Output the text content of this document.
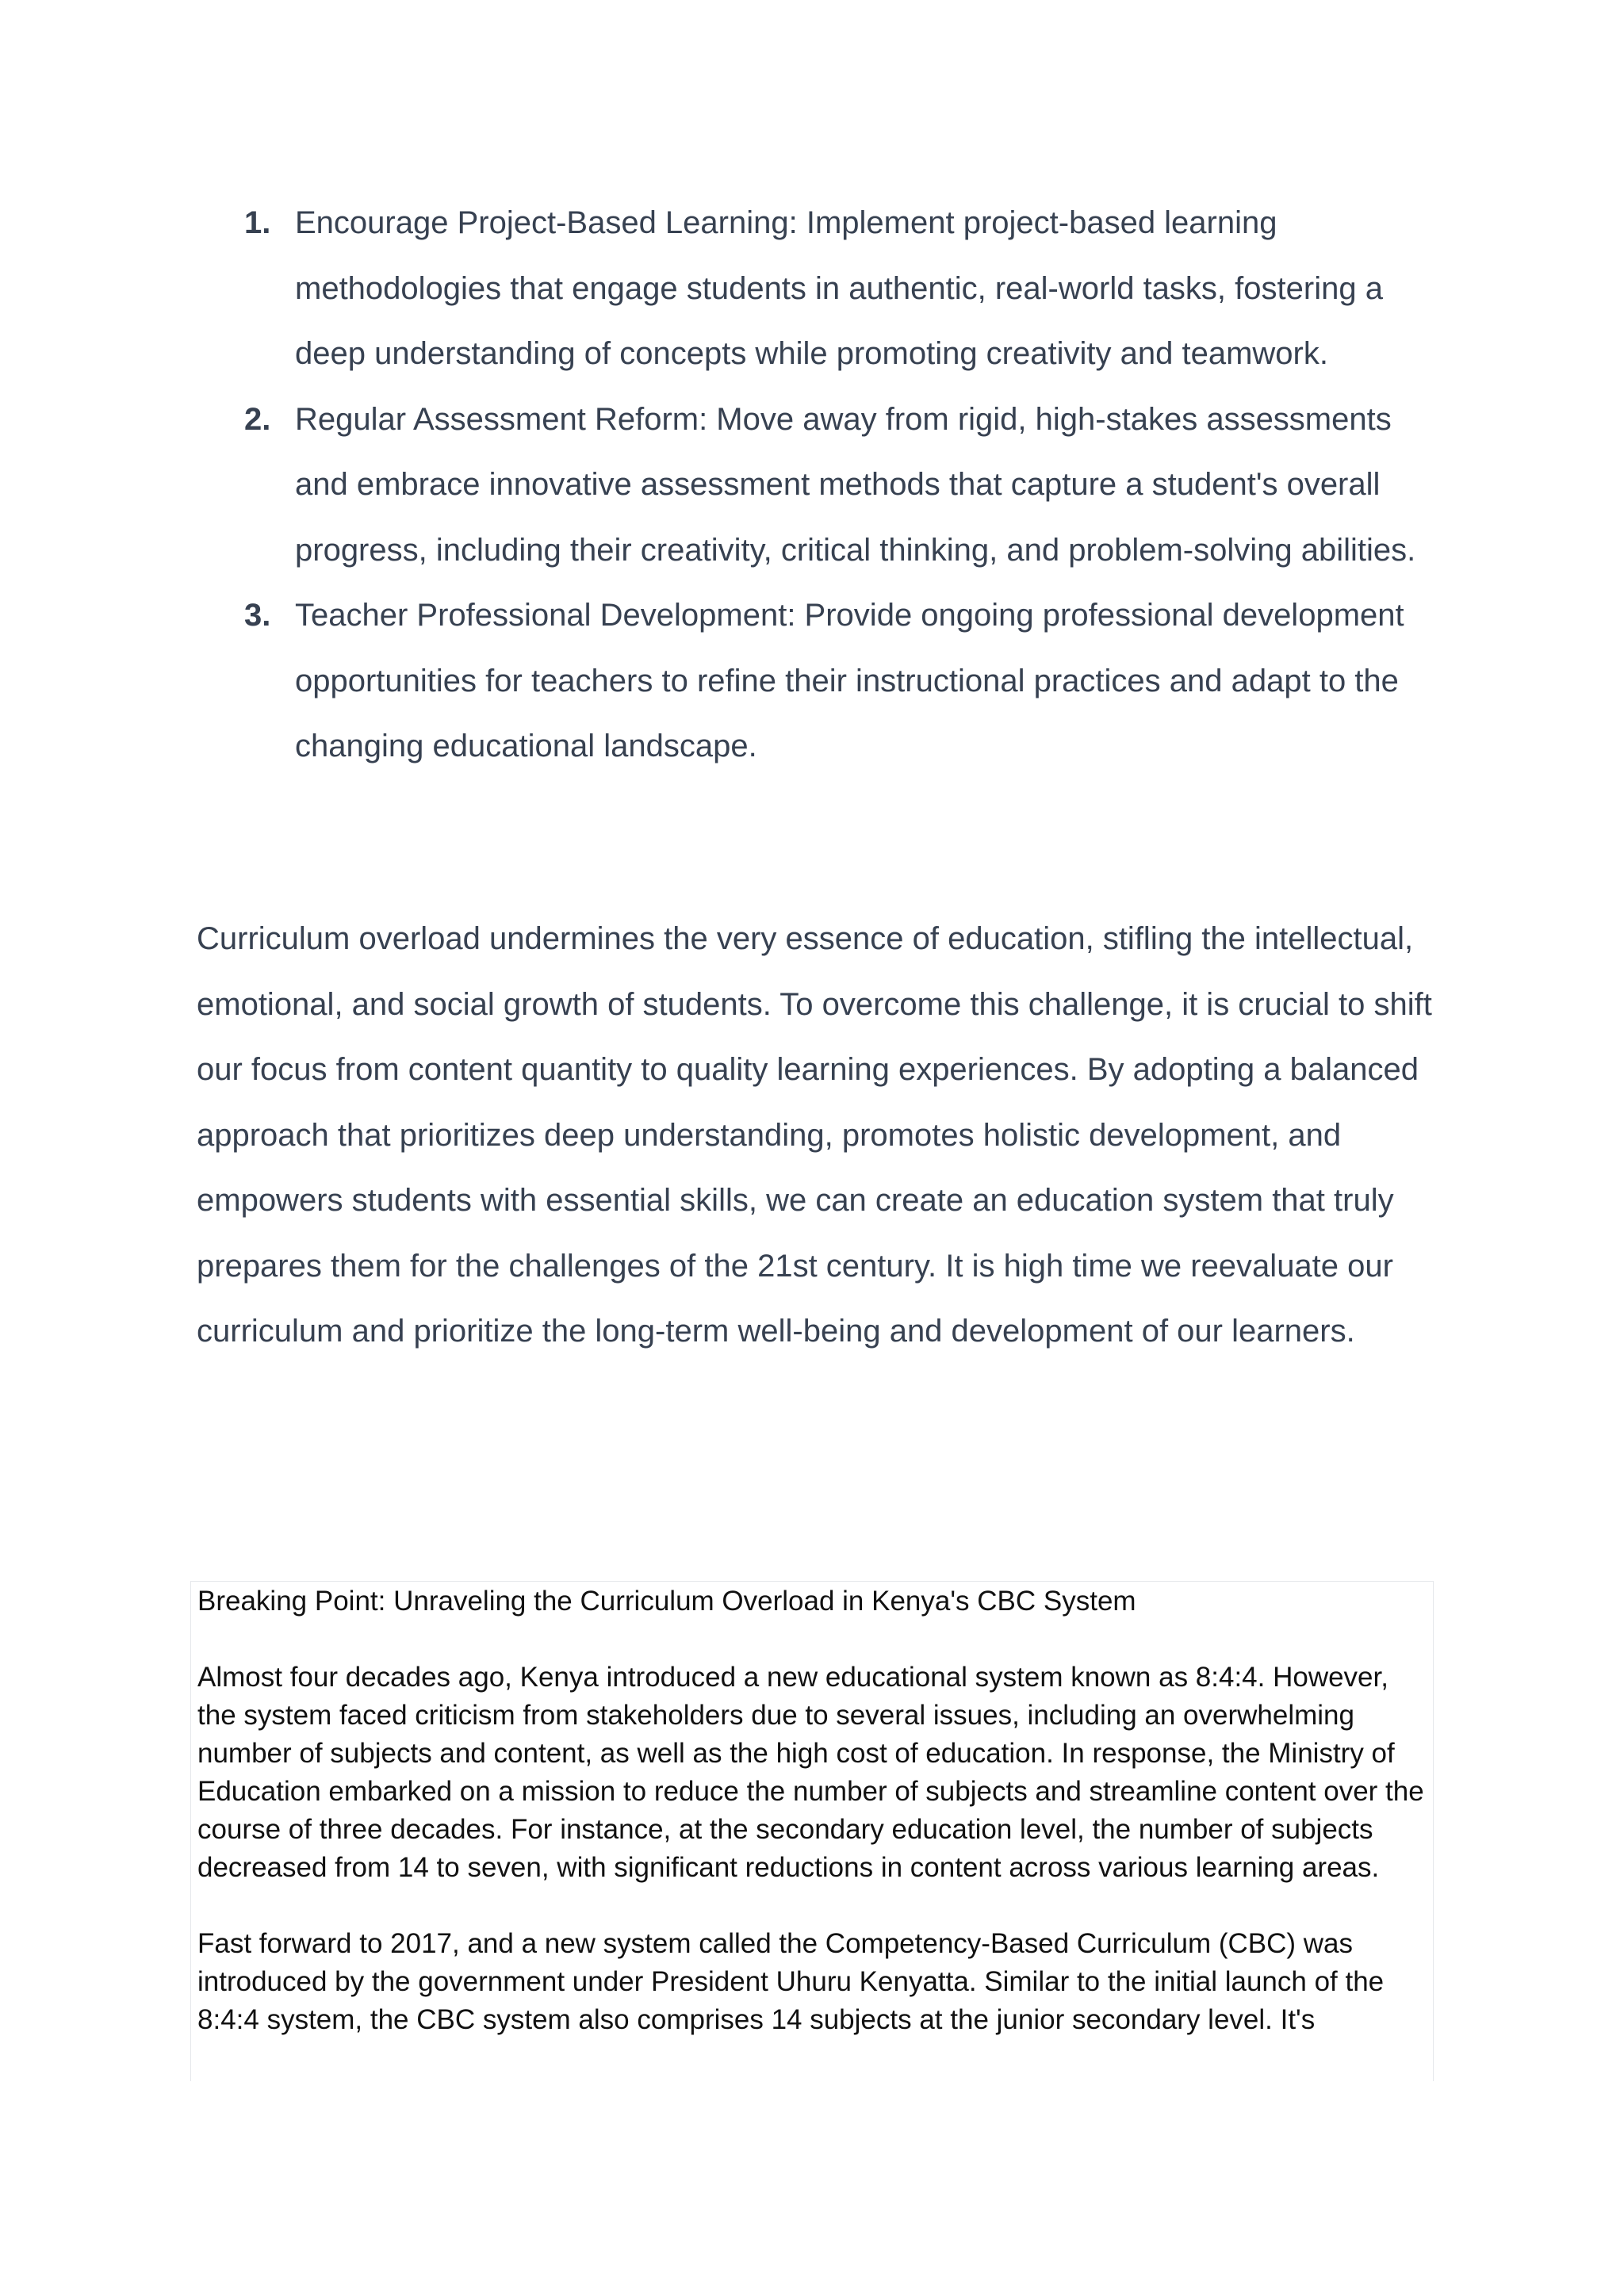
1. Encourage Project-Based Learning: Implement project-based learning methodologies that engage students in authentic, real-world tasks, fostering a deep understanding of concepts while promoting creativity and teamwork.
2. Regular Assessment Reform: Move away from rigid, high-stakes assessments and embrace innovative assessment methods that capture a student's overall progress, including their creativity, critical thinking, and problem-solving abilities.
3. Teacher Professional Development: Provide ongoing professional development opportunities for teachers to refine their instructional practices and adapt to the changing educational landscape.

Curriculum overload undermines the very essence of education, stifling the intellectual, emotional, and social growth of students. To overcome this challenge, it is crucial to shift our focus from content quantity to quality learning experiences. By adopting a balanced approach that prioritizes deep understanding, promotes holistic development, and empowers students with essential skills, we can create an education system that truly prepares them for the challenges of the 21st century. It is high time we reevaluate our curriculum and prioritize the long-term well-being and development of our learners.

Breaking Point: Unraveling the Curriculum Overload in Kenya's CBC System

Almost four decades ago, Kenya introduced a new educational system known as 8:4:4. However, the system faced criticism from stakeholders due to several issues, including an overwhelming number of subjects and content, as well as the high cost of education. In response, the Ministry of Education embarked on a mission to reduce the number of subjects and streamline content over the course of three decades. For instance, at the secondary education level, the number of subjects decreased from 14 to seven, with significant reductions in content across various learning areas.

Fast forward to 2017, and a new system called the Competency-Based Curriculum (CBC) was introduced by the government under President Uhuru Kenyatta. Similar to the initial launch of the 8:4:4 system, the CBC system also comprises 14 subjects at the junior secondary level. It's
